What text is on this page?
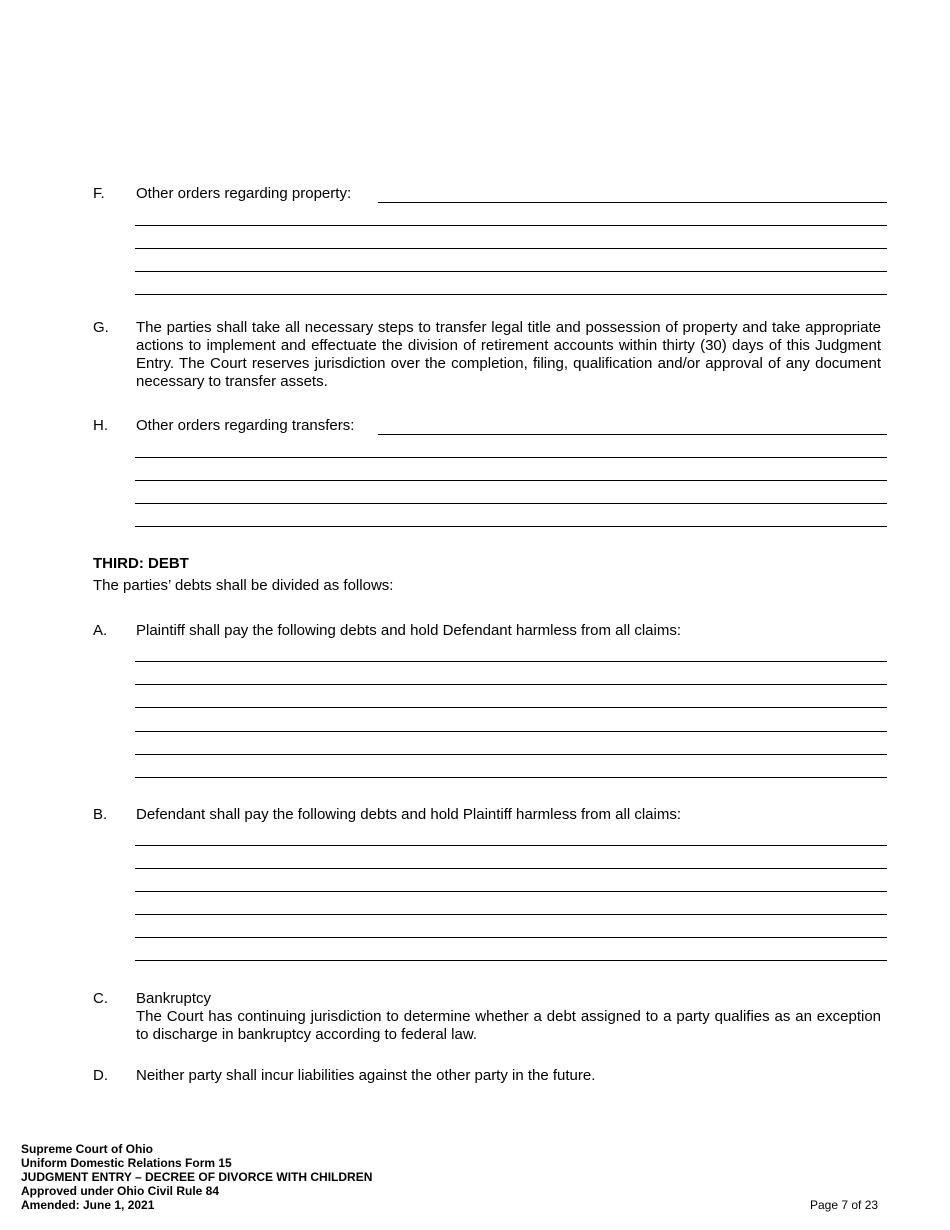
F. Other orders regarding property:
G. The parties shall take all necessary steps to transfer legal title and possession of property and take appropriate actions to implement and effectuate the division of retirement accounts within thirty (30) days of this Judgment Entry. The Court reserves jurisdiction over the completion, filing, qualification and/or approval of any document necessary to transfer assets.
H. Other orders regarding transfers:
THIRD: DEBT
The parties’ debts shall be divided as follows:
A. Plaintiff shall pay the following debts and hold Defendant harmless from all claims:
B. Defendant shall pay the following debts and hold Plaintiff harmless from all claims:
C. Bankruptcy
The Court has continuing jurisdiction to determine whether a debt assigned to a party qualifies as an exception to discharge in bankruptcy according to federal law.
D. Neither party shall incur liabilities against the other party in the future.
Supreme Court of Ohio
Uniform Domestic Relations Form 15
JUDGMENT ENTRY – DECREE OF DIVORCE WITH CHILDREN
Approved under Ohio Civil Rule 84
Amended: June 1, 2021	Page 7 of 23
